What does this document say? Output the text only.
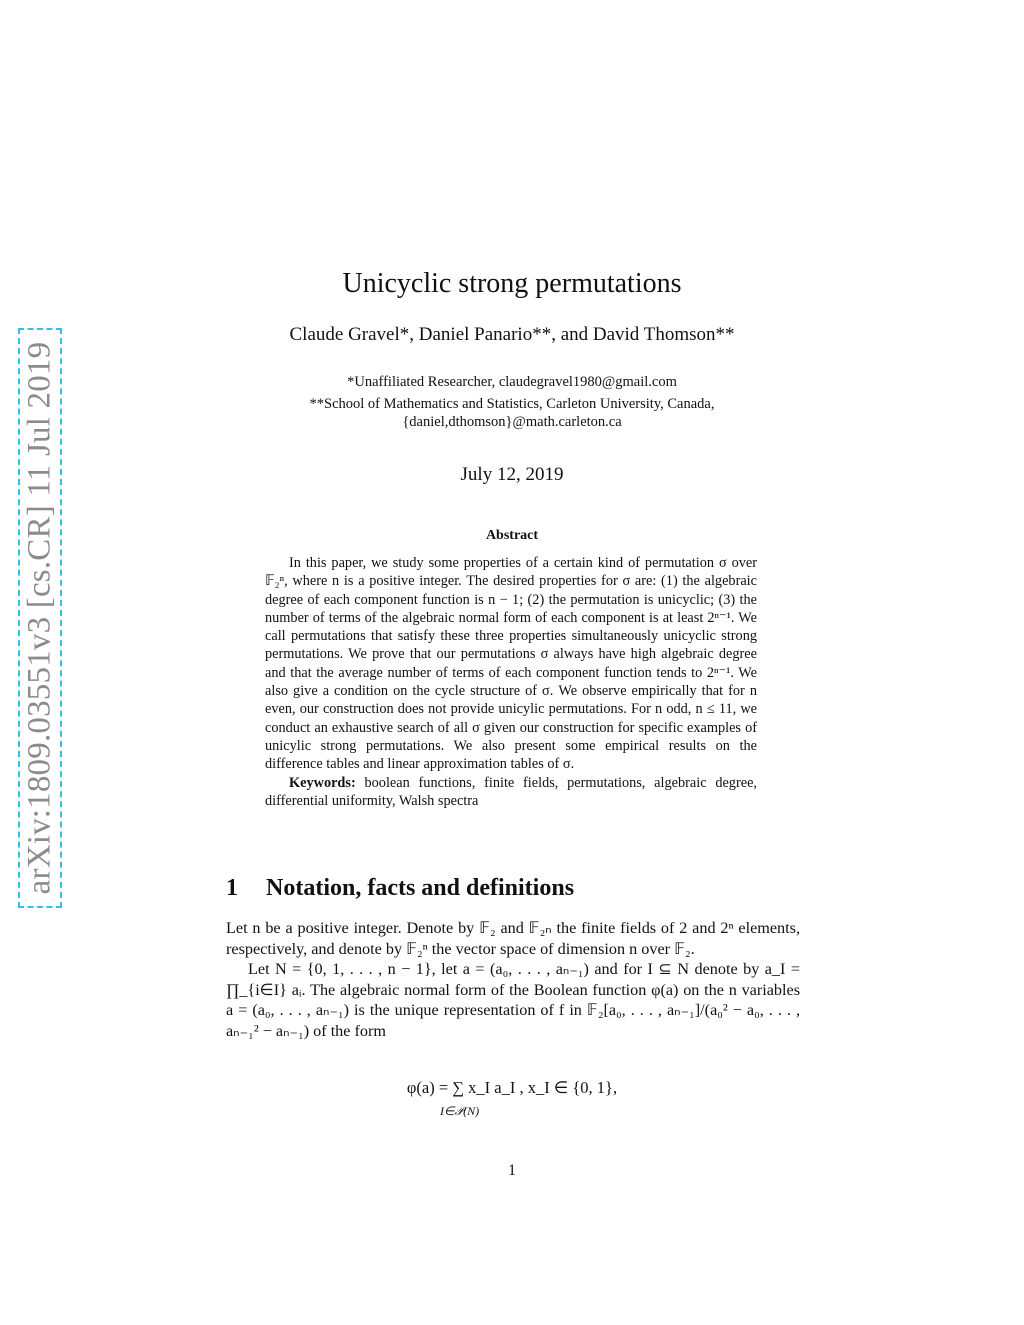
arXiv:1809.03551v3 [cs.CR] 11 Jul 2019
Unicyclic strong permutations
Claude Gravel*, Daniel Panario**, and David Thomson**
*Unaffiliated Researcher, claudegravel1980@gmail.com
**School of Mathematics and Statistics, Carleton University, Canada,
{daniel,dthomson}@math.carleton.ca
July 12, 2019
Abstract

In this paper, we study some properties of a certain kind of permutation σ over 𝔽₂ⁿ, where n is a positive integer. The desired properties for σ are: (1) the algebraic degree of each component function is n − 1; (2) the permutation is unicyclic; (3) the number of terms of the algebraic normal form of each component is at least 2ⁿ⁻¹. We call permutations that satisfy these three properties simultaneously unicyclic strong permutations. We prove that our permutations σ always have high algebraic degree and that the average number of terms of each component function tends to 2ⁿ⁻¹. We also give a condition on the cycle structure of σ. We observe empirically that for n even, our construction does not provide unicylic permutations. For n odd, n ≤ 11, we conduct an exhaustive search of all σ given our construction for specific examples of unicylic strong permutations. We also present some empirical results on the difference tables and linear approximation tables of σ.

Keywords: boolean functions, finite fields, permutations, algebraic degree, differential uniformity, Walsh spectra

1 Notation, facts and definitions

Let n be a positive integer. Denote by 𝔽₂ and 𝔽₂ₙ the finite fields of 2 and 2ⁿ elements, respectively, and denote by 𝔽₂ⁿ the vector space of dimension n over 𝔽₂.

Let N = {0, 1, . . . , n − 1}, let a = (a₀, . . . , aₙ₋₁) and for I ⊆ N denote by a_I = ∏_{i∈I} aᵢ. The algebraic normal form of the Boolean function φ(a) on the n variables a = (a₀, . . . , aₙ₋₁) is the unique representation of f in 𝔽₂[a₀, . . . , aₙ₋₁]/(a₀² − a₀, . . . , aₙ₋₁² − aₙ₋₁) of the form

φ(a) = ∑ x_I a_I , x_I ∈ {0, 1},
I∈𝒫(N)
1
